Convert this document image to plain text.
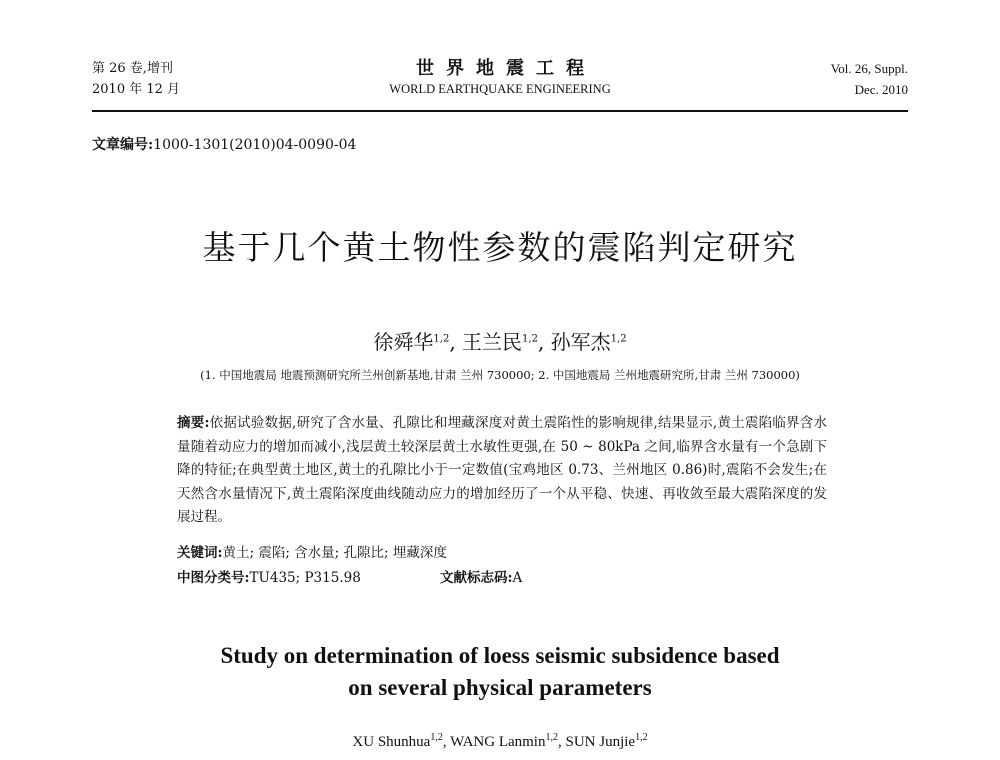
第 26 卷,增刊
2010 年 12 月
世界地震工程
WORLD EARTHQUAKE ENGINEERING
Vol. 26, Suppl.
Dec. 2010
文章编号:1000-1301(2010)04-0090-04
基于几个黄土物性参数的震陷判定研究
徐舜华$^{1,2}$, 王兰民$^{1,2}$, 孙军杰$^{1,2}$
(1. 中国地震局 地震预测研究所兰州创新基地,甘肃 兰州 730000; 2. 中国地震局 兰州地震研究所,甘肃 兰州 730000)
摘要:依据试验数据,研究了含水量、孔隙比和埋藏深度对黄土震陷性的影响规律,结果显示,黄土震陷临界含水量随着动应力的增加而减小,浅层黄土较深层黄土水敏性更强,在 50 ~ 80kPa 之间,临界含水量有一个急剧下降的特征;在典型黄土地区,黄土的孔隙比小于一定数值(宝鸡地区 0.73、兰州地区 0.86)时,震陷不会发生;在天然含水量情况下,黄土震陷深度曲线随动应力的增加经历了一个从平稳、快速、再收敛至最大震陷深度的发展过程。
关键词:黄土; 震陷; 含水量; 孔隙比; 埋藏深度
中图分类号:TU435; P315.98	文献标志码:A
Study on determination of loess seismic subsidence based
on several physical parameters
XU Shunhua$^{1,2}$, WANG Lanmin$^{1,2}$, SUN Junjie$^{1,2}$
